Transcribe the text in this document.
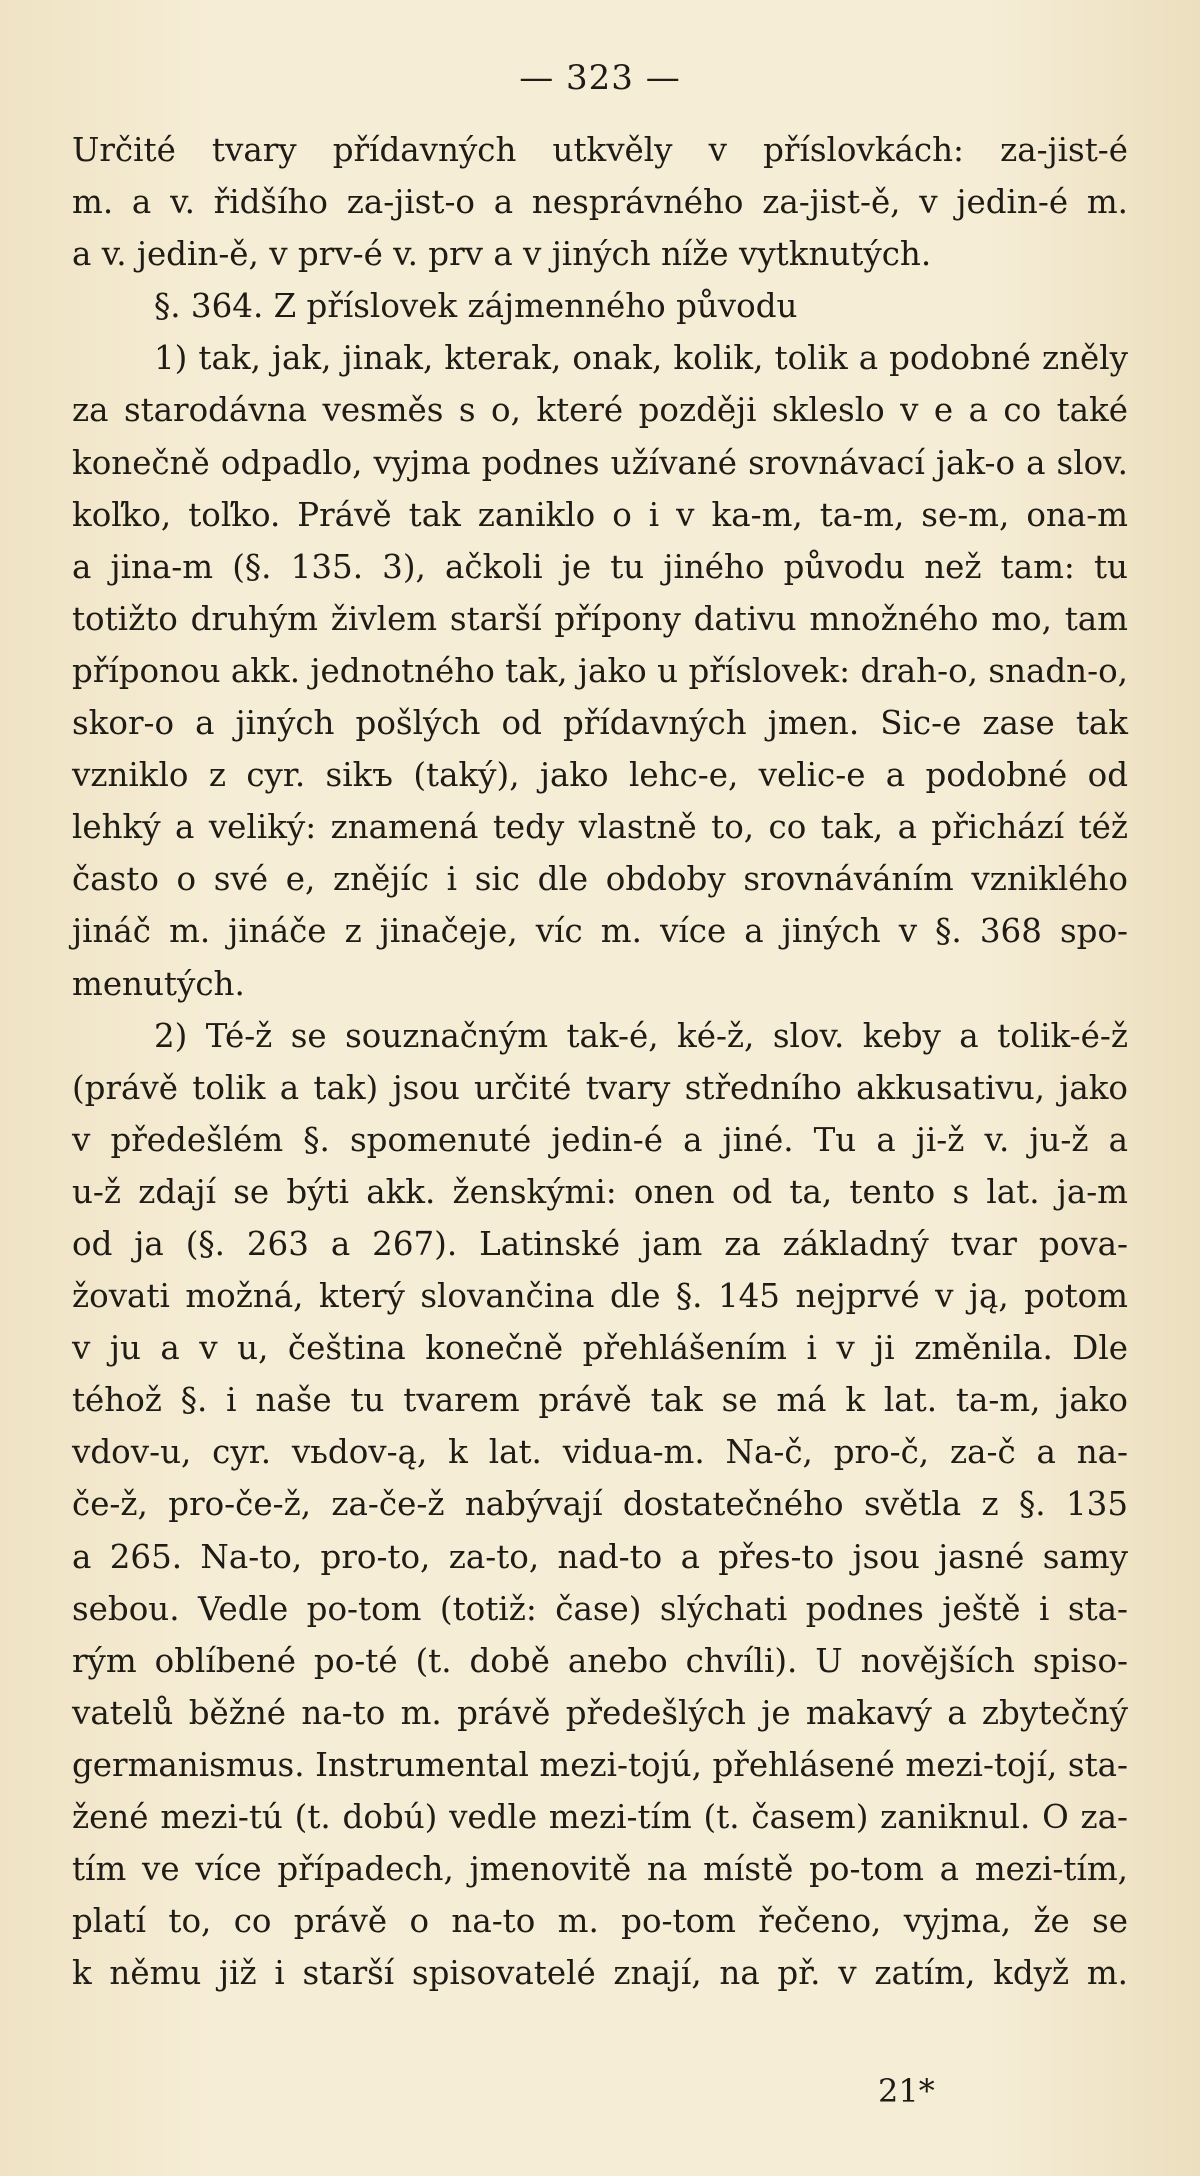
— 323 —
Určité tvary přídavných utkvěly v příslovkách: za-jist-é
m. a v. řidšího za-jist-o a nesprávného za-jist-ě, v jedin-é m.
a v. jedin-ě, v prv-é v. prv a v jiných níže vytknutých.
§. 364. Z příslovek zájmenného původu
1) tak, jak, jinak, kterak, onak, kolik, tolik a podobné zněly
za starodávna vesměs s o, které později skleslo v e a co také
konečně odpadlo, vyjma podnes užívané srovnávací jak-o a slov.
koľko, toľko. Právě tak zaniklo o i v ka-m, ta-m, se-m, ona-m
a jina-m (§. 135. 3), ačkoli je tu jiného původu než tam: tu
totižto druhým živlem starší přípony dativu množného mo, tam
příponou akk. jednotného tak, jako u příslovek: drah-o, snadn-o,
skor-o a jiných pošlých od přídavných jmen. Sic-e zase tak
vzniklo z cyr. sikъ (taký), jako lehc-e, velic-e a podobné od
lehký a veliký: znamená tedy vlastně to, co tak, a přichází též
často o své e, znějíc i sic dle obdoby srovnáváním vzniklého
jináč m. jináče z jinačeje, víc m. více a jiných v §. 368 spo-
menutých.
2) Té-ž se souznačným tak-é, ké-ž, slov. keby a tolik-é-ž
(právě tolik a tak) jsou určité tvary středního akkusativu, jako
v předešlém §. spomenuté jedin-é a jiné. Tu a ji-ž v. ju-ž a
u-ž zdají se býti akk. ženskými: onen od ta, tento s lat. ja-m
od ja (§. 263 a 267). Latinské jam za základný tvar pova-
žovati možná, který slovančina dle §. 145 nejprvé v ją, potom
v ju a v u, čeština konečně přehlášením i v ji změnila. Dle
téhož §. i naše tu tvarem právě tak se má k lat. ta-m, jako
vdov-u, cyr. vьdov-ą, k lat. vidua-m. Na-č, pro-č, za-č a na-
če-ž, pro-če-ž, za-če-ž nabývají dostatečného světla z §. 135
a 265. Na-to, pro-to, za-to, nad-to a přes-to jsou jasné samy
sebou. Vedle po-tom (totiž: čase) slýchati podnes ještě i sta-
rým oblíbené po-té (t. době anebo chvíli). U novějších spiso-
vatelů běžné na-to m. právě předešlých je makavý a zbytečný
germanismus. Instrumental mezi-tojú, přehlásené mezi-tojí, sta-
žené mezi-tú (t. dobú) vedle mezi-tím (t. časem) zaniknul. O za-
tím ve více případech, jmenovitě na místě po-tom a mezi-tím,
platí to, co právě o na-to m. po-tom řečeno, vyjma, že se
k němu již i starší spisovatelé znají, na př. v zatím, když m.
21*
